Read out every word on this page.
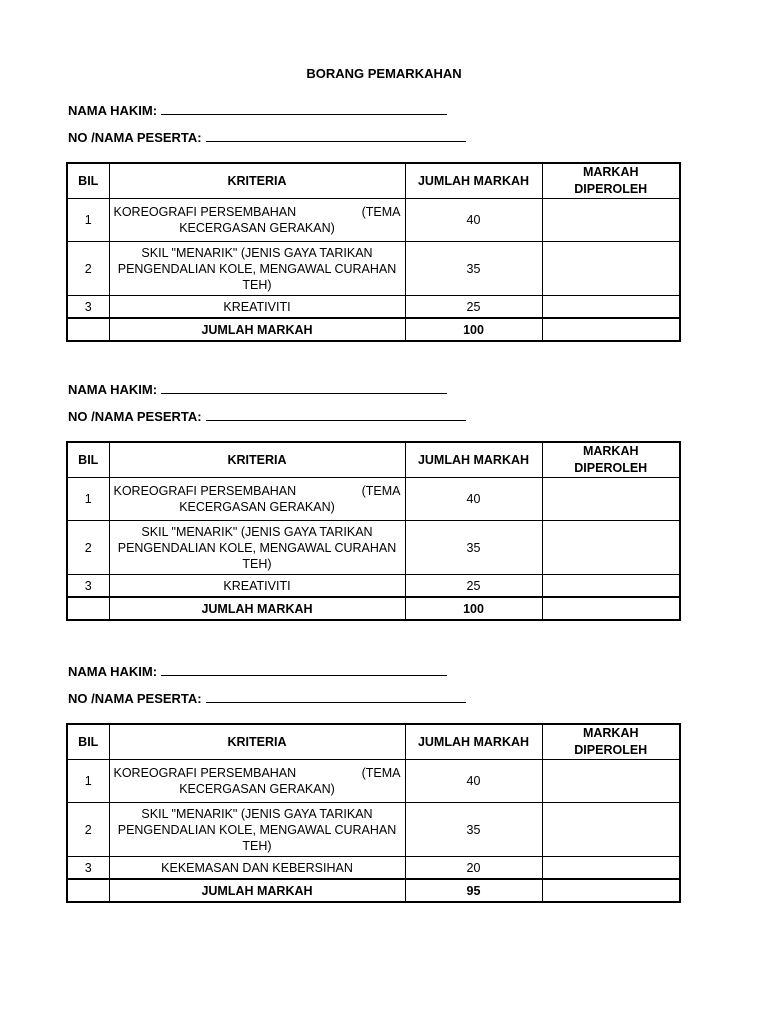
BORANG PEMARKAHAN
NAMA HAKIM:
NO /NAMA PESERTA:
BIL	KRITERIA	JUMLAH MARKAH	MARKAH DIPEROLEH
1	KOREOGRAFI PERSEMBAHAN (TEMA
KECERGASAN GERAKAN)	40	
2	SKIL "MENARIK" (JENIS GAYA TARIKAN PENGENDALIAN KOLE, MENGAWAL CURAHAN TEH)	35	
3	KREATIVITI	25	
	JUMLAH MARKAH	100	
NAMA HAKIM:
NO /NAMA PESERTA:
BIL	KRITERIA	JUMLAH MARKAH	MARKAH DIPEROLEH
1	KOREOGRAFI PERSEMBAHAN (TEMA
KECERGASAN GERAKAN)	40	
2	SKIL "MENARIK" (JENIS GAYA TARIKAN PENGENDALIAN KOLE, MENGAWAL CURAHAN TEH)	35	
3	KREATIVITI	25	
	JUMLAH MARKAH	100	
NAMA HAKIM:
NO /NAMA PESERTA:
BIL	KRITERIA	JUMLAH MARKAH	MARKAH DIPEROLEH
1	KOREOGRAFI PERSEMBAHAN (TEMA
KECERGASAN GERAKAN)	40	
2	SKIL "MENARIK" (JENIS GAYA TARIKAN PENGENDALIAN KOLE, MENGAWAL CURAHAN TEH)	35	
3	KEKEMASAN DAN KEBERSIHAN	20	
	JUMLAH MARKAH	95	
